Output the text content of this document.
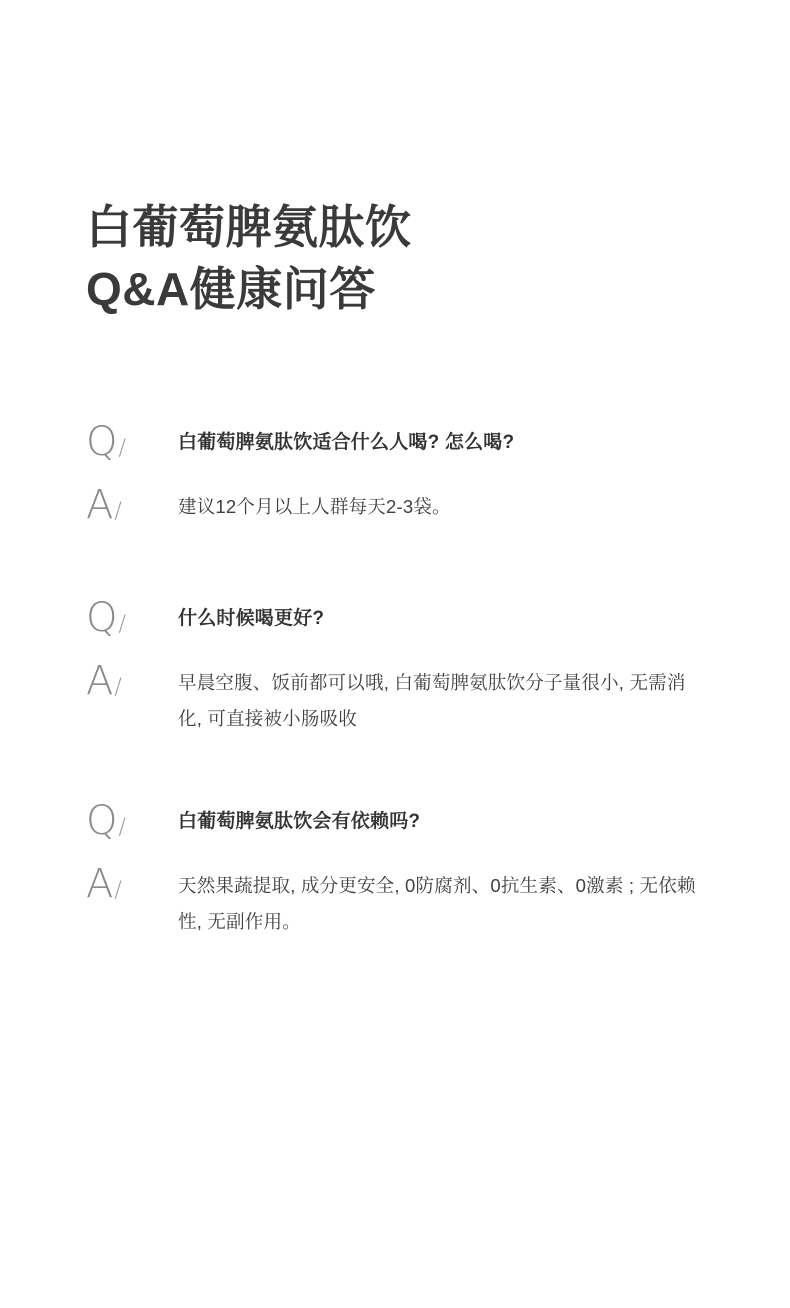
白葡萄脾氨肽饮
Q&A健康问答
Q/	白葡萄脾氨肽饮适合什么人喝? 怎么喝?
A/	建议12个月以上人群每天2-3袋。
Q/	什么时候喝更好?
A/	早晨空腹、饭前都可以哦, 白葡萄脾氨肽饮分子量很小, 无需消化, 可直接被小肠吸收
Q/	白葡萄脾氨肽饮会有依赖吗?
A/	天然果蔬提取, 成分更安全, 0防腐剂、0抗生素、0激素 ; 无依赖性, 无副作用。
